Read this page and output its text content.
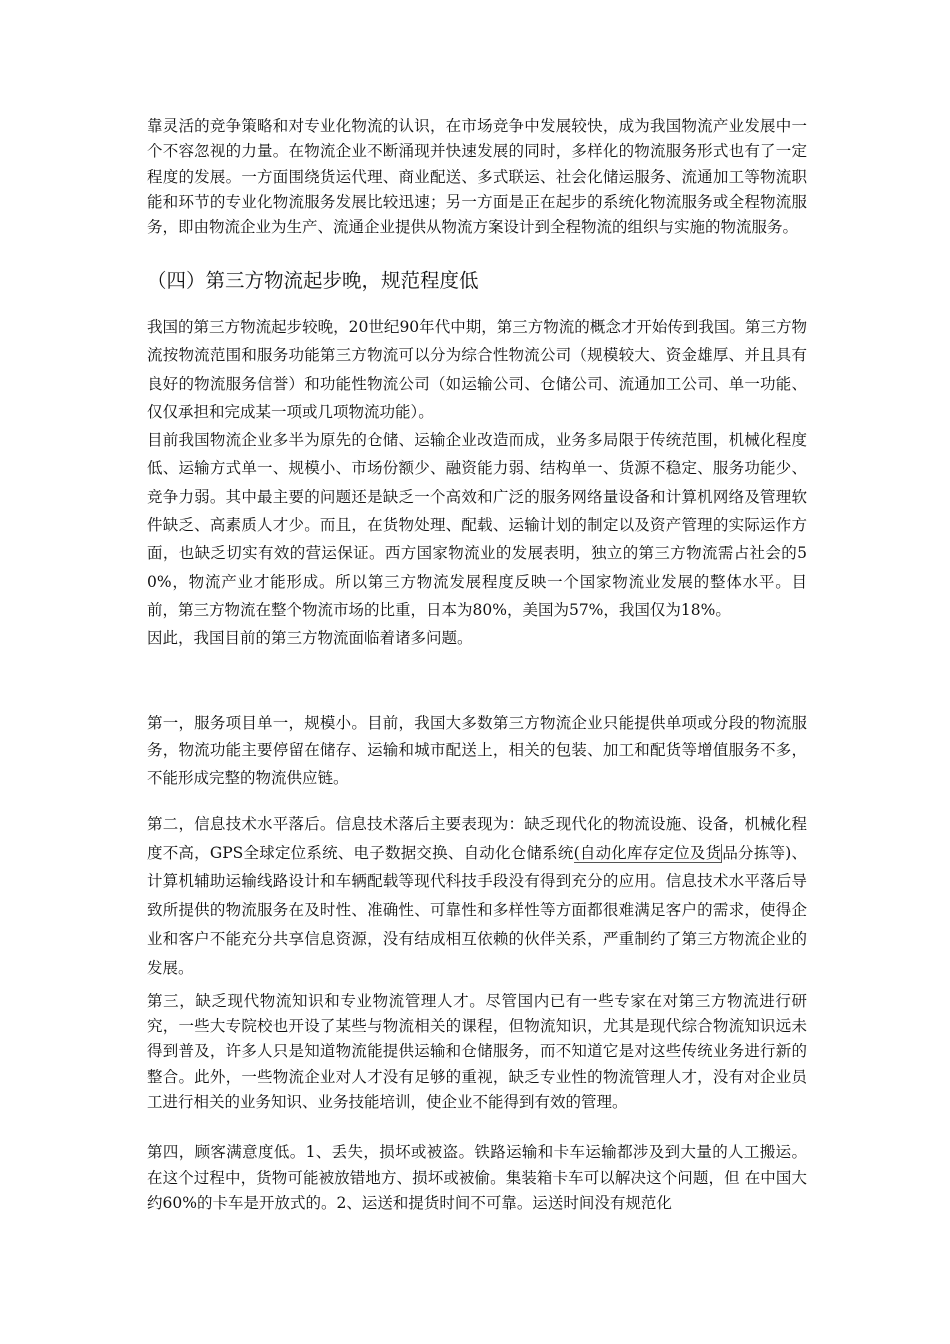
靠灵活的竞争策略和对专业化物流的认识，在市场竞争中发展较快，成为我国物流产业发展中一个不容忽视的力量。在物流企业不断涌现并快速发展的同时，多样化的物流服务形式也有了一定程度的发展。一方面围绕货运代理、商业配送、多式联运、社会化储运服务、流通加工等物流职能和环节的专业化物流服务发展比较迅速；另一方面是正在起步的系统化物流服务或全程物流服务，即由物流企业为生产、流通企业提供从物流方案设计到全程物流的组织与实施的物流服务。

（四）第三方物流起步晚，规范程度低

我国的第三方物流起步较晚，20世纪90年代中期，第三方物流的概念才开始传到我国。第三方物流按物流范围和服务功能第三方物流可以分为综合性物流公司（规模较大、资金雄厚、并且具有良好的物流服务信誉）和功能性物流公司（如运输公司、仓储公司、流通加工公司、单一功能、仅仅承担和完成某一项或几项物流功能）。

目前我国物流企业多半为原先的仓储、运输企业改造而成，业务多局限于传统范围，机械化程度低、运输方式单一、规模小、市场份额少、融资能力弱、结构单一、货源不稳定、服务功能少、竞争力弱。其中最主要的问题还是缺乏一个高效和广泛的服务网络量设备和计算机网络及管理软件缺乏、高素质人才少。而且，在货物处理、配载、运输计划的制定以及资产管理的实际运作方面，也缺乏切实有效的营运保证。西方国家物流业的发展表明，独立的第三方物流需占社会的50%，物流产业才能形成。所以第三方物流发展程度反映一个国家物流业发展的整体水平。目前，第三方物流在整个物流市场的比重，日本为80%，美国为57%，我国仅为18%。

因此，我国目前的第三方物流面临着诸多问题。

第一，服务项目单一，规模小。目前，我国大多数第三方物流企业只能提供单项或分段的物流服务，物流功能主要停留在储存、运输和城市配送上，相关的包装、加工和配货等增值服务不多，不能形成完整的物流供应链。

第二，信息技术水平落后。信息技术落后主要表现为：缺乏现代化的物流设施、设备，机械化程度不高，GPS全球定位系统、电子数据交换、自动化仓储系统(自动化库存定位及货品分拣等)、计算机辅助运输线路设计和车辆配载等现代科技手段没有得到充分的应用。信息技术水平落后导致所提供的物流服务在及时性、准确性、可靠性和多样性等方面都很难满足客户的需求，使得企业和客户不能充分共享信息资源，没有结成相互依赖的伙伴关系，严重制约了第三方物流企业的发展。

第三，缺乏现代物流知识和专业物流管理人才。尽管国内已有一些专家在对第三方物流进行研究，一些大专院校也开设了某些与物流相关的课程，但物流知识，尤其是现代综合物流知识远未得到普及，许多人只是知道物流能提供运输和仓储服务，而不知道它是对这些传统业务进行新的整合。此外，一些物流企业对人才没有足够的重视，缺乏专业性的物流管理人才，没有对企业员工进行相关的业务知识、业务技能培训，使企业不能得到有效的管理。

第四，顾客满意度低。1、丢失，损坏或被盗。铁路运输和卡车运输都涉及到大量的人工搬运。在这个过程中，货物可能被放错地方、损坏或被偷。集装箱卡车可以解决这个问题，但 在中国大约60%的卡车是开放式的。2、运送和提货时间不可靠。运送时间没有规范化
